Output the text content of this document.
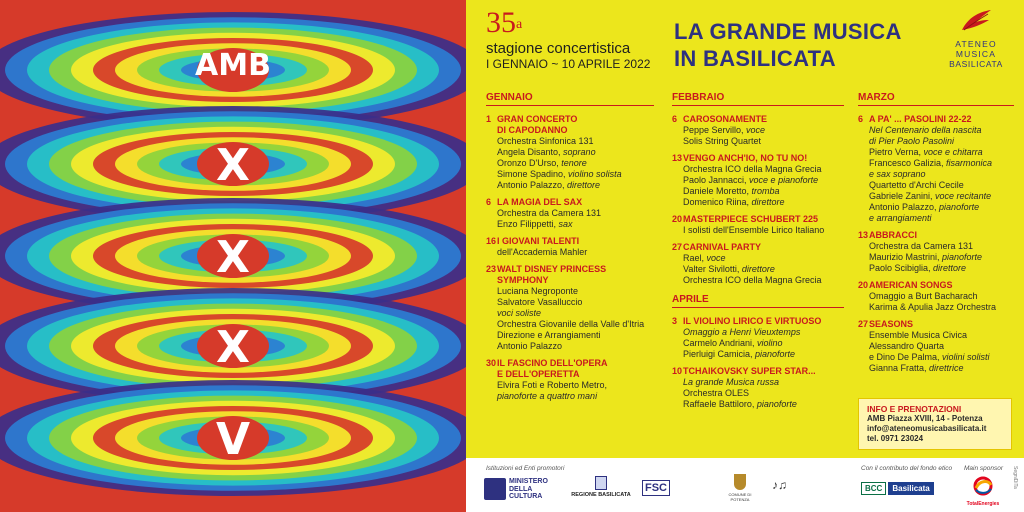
AMB
X
X
X
V
35$^a$
stagione concertistica
I GENNAIO ~ 10 APRILE 2022
LA GRANDE MUSICA
IN BASILICATA
ATENEO
MUSICA
BASILICATA
GENNAIO
1 GRAN CONCERTO
DI CAPODANNO
Orchestra Sinfonica 131
Angela Disanto, soprano
Oronzo D'Urso, tenore
Simone Spadino, violino solista
Antonio Palazzo, direttore
6 LA MAGIA DEL SAX
Orchestra da Camera 131
Enzo Filippetti, sax
16 I GIOVANI TALENTI
dell'Accademia Mahler
23 WALT DISNEY PRINCESS
SYMPHONY
Luciana Negroponte
Salvatore Vasalluccio
voci soliste
Orchestra Giovanile della Valle d'Itria
Direzione e Arrangiamenti
Antonio Palazzo
30 IL FASCINO DELL'OPERA
E DELL'OPERETTA
Elvira Foti e Roberto Metro,
pianoforte a quattro mani
FEBBRAIO
6 CAROSONAMENTE
Peppe Servillo, voce
Solis String Quartet
13 VENGO ANCH'IO, NO TU NO!
Orchestra ICO della Magna Grecia
Paolo Jannacci, voce e pianoforte
Daniele Moretto, tromba
Domenico Riina, direttore
20 MASTERPIECE SCHUBERT 225
I solisti dell'Ensemble Lirico Italiano
27 CARNIVAL PARTY
Rael, voce
Valter Sivilotti, direttore
Orchestra ICO della Magna Grecia
APRILE
3 IL VIOLINO LIRICO E VIRTUOSO
Omaggio a Henri Vieuxtemps
Carmelo Andriani, violino
Pierluigi Camicia, pianoforte
10 TCHAIKOVSKY SUPER STAR...
La grande Musica russa
Orchestra OLES
Raffaele Battiloro, pianoforte
MARZO
6 A PA' ... PASOLINI 22-22
Nel Centenario della nascita
di Pier Paolo Pasolini
Pietro Verna, voce e chitarra
Francesco Galizia, fisarmonica
e sax soprano
Quartetto d'Archi Cecile
Gabriele Zanini, voce recitante
Antonio Palazzo, pianoforte
e arrangiamenti
13 ABBRACCI
Orchestra da Camera 131
Maurizio Mastrini, pianoforte
Paolo Scibiglia, direttore
20 AMERICAN SONGS
Omaggio a Burt Bacharach
Karima & Apulia Jazz Orchestra
27 SEASONS
Ensemble Musica Civica
Alessandro Quarta
e Dino De Palma, violini solisti
Gianna Fratta, direttrice
INFO E PRENOTAZIONI
AMB Piazza XVIII, 14 - Potenza
info@ateneomusicabasilicata.it
tel. 0971 23024
Istituzioni ed Enti promotori	Con il contributo del fondo etico Main sponsor
MINISTERO
DELLA
CULTURA	REGIONE BASILICATA
FSC
COMUNE DI POTENZA
♪♫	BCC	Basilicata
TotalEnergies
SegniDiTa
